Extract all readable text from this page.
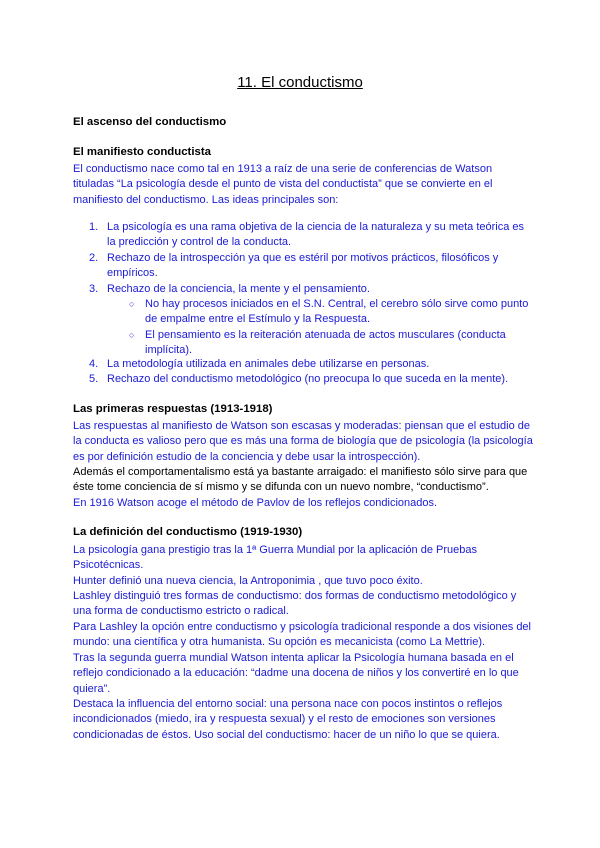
11. El conductismo
El ascenso del conductismo
El manifiesto conductista

El conductismo nace como tal en 1913 a raíz de una serie de conferencias de Watson tituladas “La psicología desde el punto de vista del conductista” que se convierte en el manifiesto del conductismo. Las ideas principales son:

1. La psicología es una rama objetiva de la ciencia de la naturaleza y su meta teórica es la predicción y control de la conducta.
2. Rechazo de la introspección ya que es estéril por motivos prácticos, filosóficos y empíricos.
3. Rechazo de la conciencia, la mente y el pensamiento.
○ No hay procesos iniciados en el S.N. Central, el cerebro sólo sirve como punto de empalme entre el Estímulo y la Respuesta.
○ El pensamiento es la reiteración atenuada de actos musculares (conducta implícita).
4. La metodología utilizada en animales debe utilizarse en personas.
5. Rechazo del conductismo metodológico (no preocupa lo que suceda en la mente).
Las primeras respuestas (1913-1918)

Las respuestas al manifiesto de Watson son escasas y moderadas: piensan que el estudio de la conducta es valioso pero que es más una forma de biología que de psicología (la psicología es por definición estudio de la conciencia y debe usar la introspección).

Además el comportamentalismo está ya bastante arraigado: el manifiesto sólo sirve para que éste tome conciencia de sí mismo y se difunda con un nuevo nombre, “conductismo”.

En 1916 Watson acoge el método de Pavlov de los reflejos condicionados.

La definición del conductismo (1919-1930)

La psicología gana prestigio tras la 1ª Guerra Mundial por la aplicación de Pruebas Psicotécnicas.

Hunter definió una nueva ciencia, la Antroponimia , que tuvo poco éxito.

Lashley distinguió tres formas de conductismo: dos formas de conductismo metodológico y una forma de conductismo estricto o radical.

Para Lashley la opción entre conductismo y psicología tradicional responde a dos visiones del mundo: una científica y otra humanista. Su opción es mecanicista (como La Mettrie).

Tras la segunda guerra mundial Watson intenta aplicar la Psicología humana basada en el reflejo condicionado a la educación: “dadme una docena de niños y los convertiré en lo que quiera”.

Destaca la influencia del entorno social: una persona nace con pocos instintos o reflejos incondicionados (miedo, ira y respuesta sexual) y el resto de emociones son versiones condicionadas de éstos. Uso social del conductismo: hacer de un niño lo que se quiera.
